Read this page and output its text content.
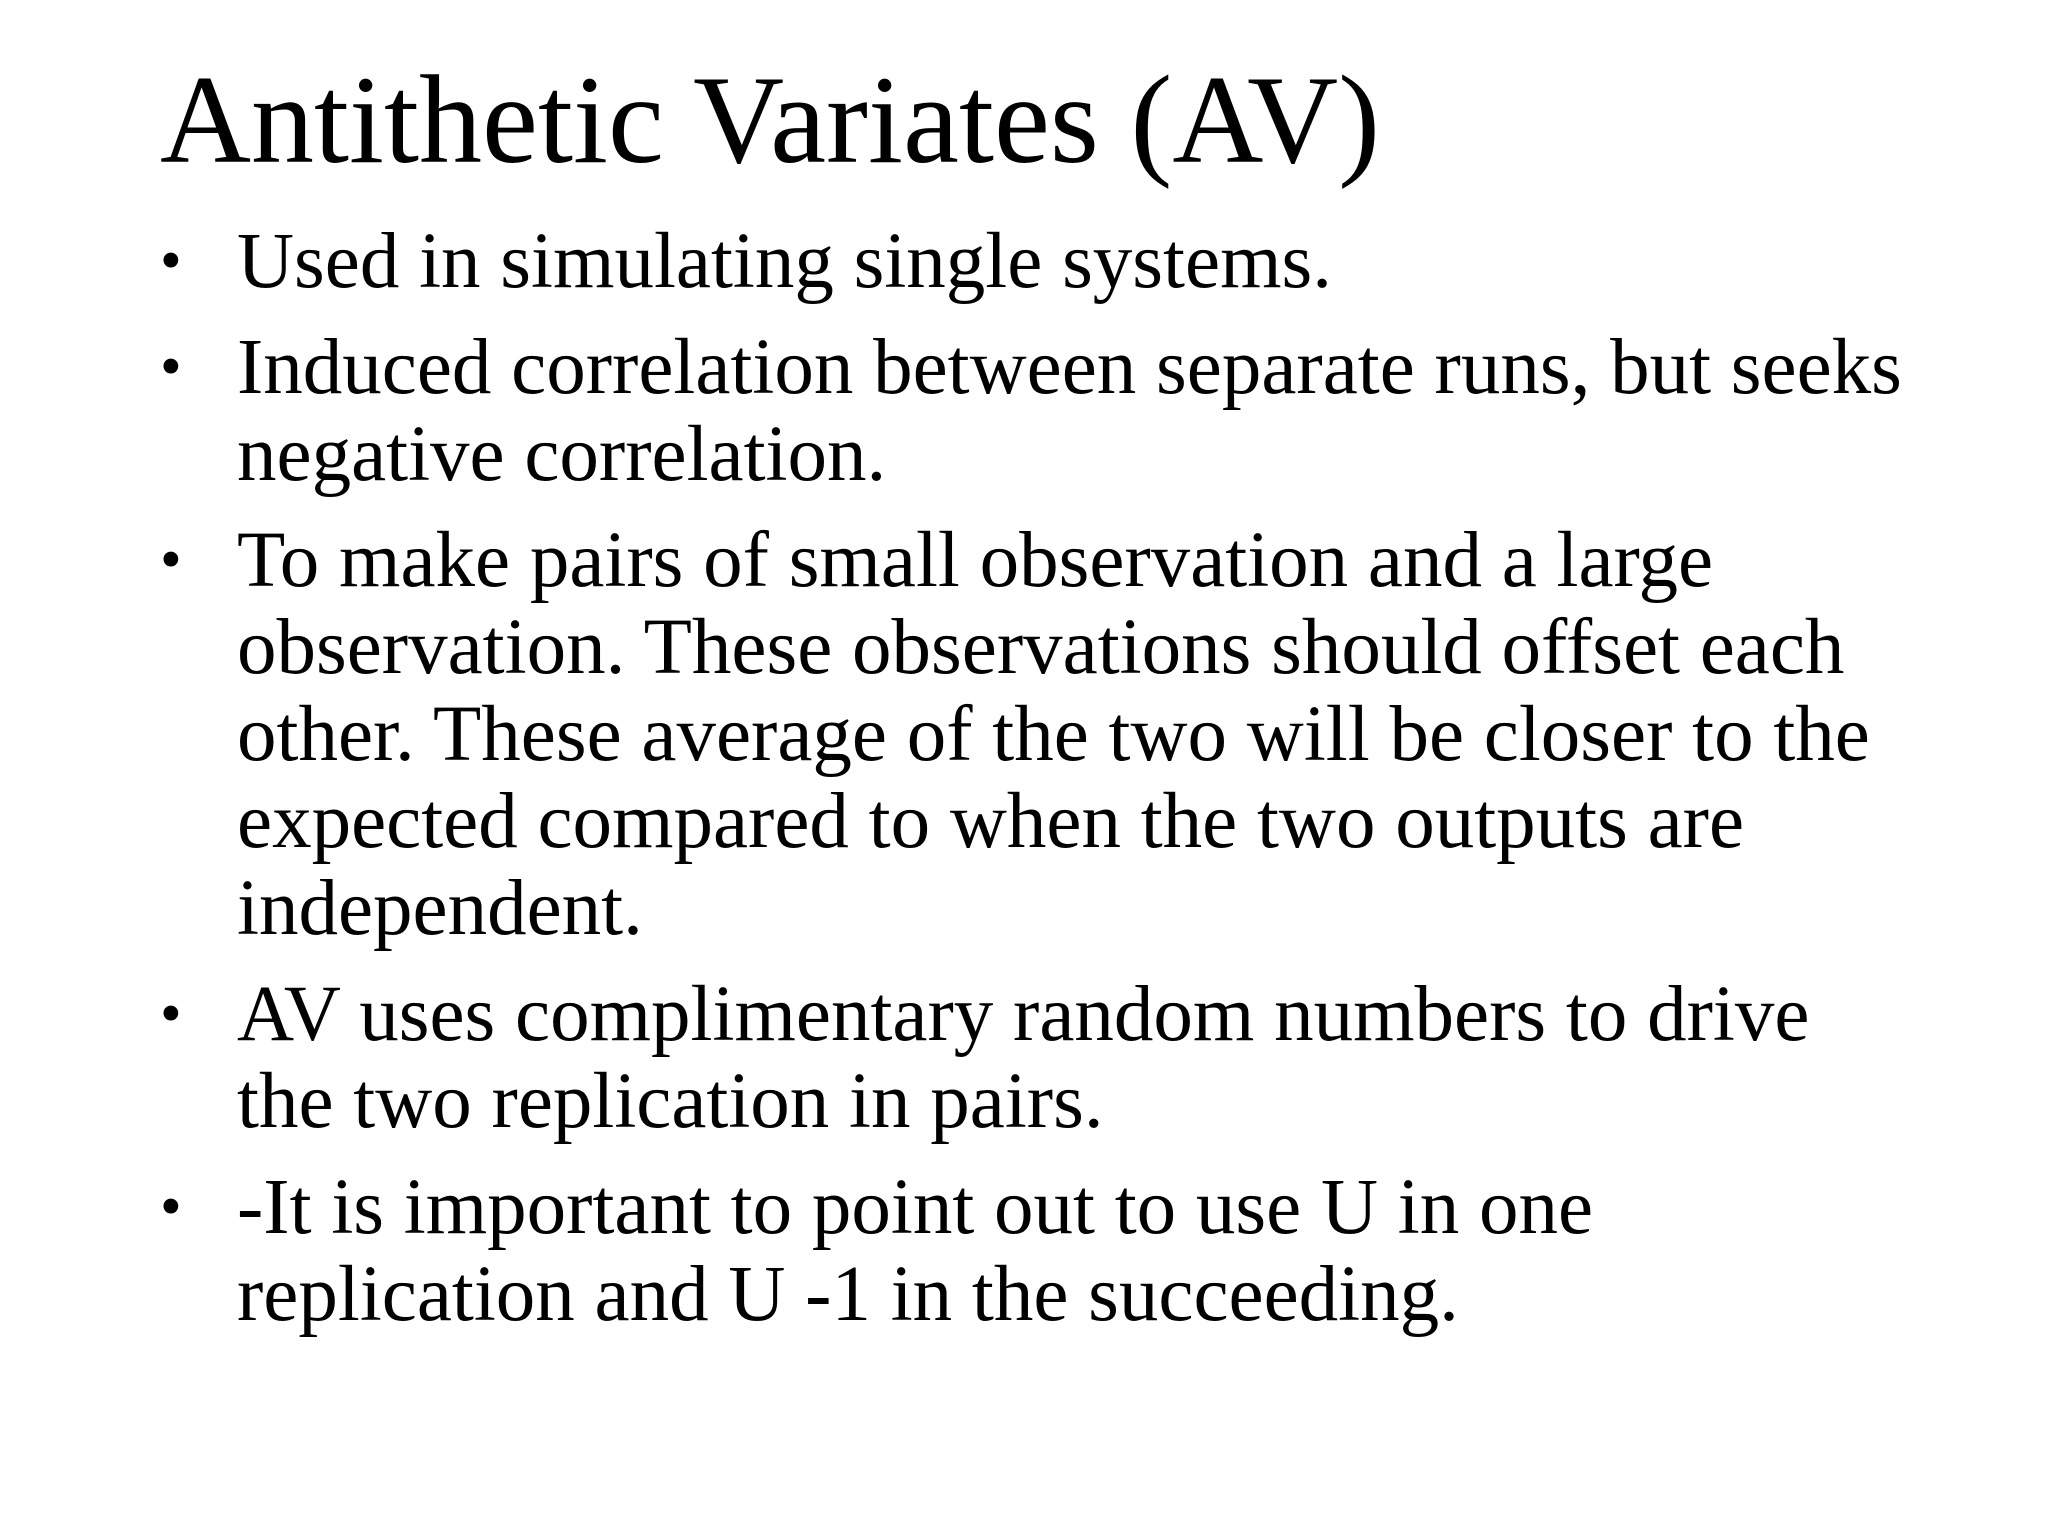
Antithetic Variates (AV)
• Used in simulating single systems.
• Induced correlation between separate runs, but seeks negative correlation.
• To make pairs of small observation and a large observation. These observations should offset each other. These average of the two will be closer to the expected compared to when the two outputs are independent.
• AV uses complimentary random numbers to drive the two replication in pairs.
• -It is important to point out to use U in one replication and U -1 in the succeeding.
